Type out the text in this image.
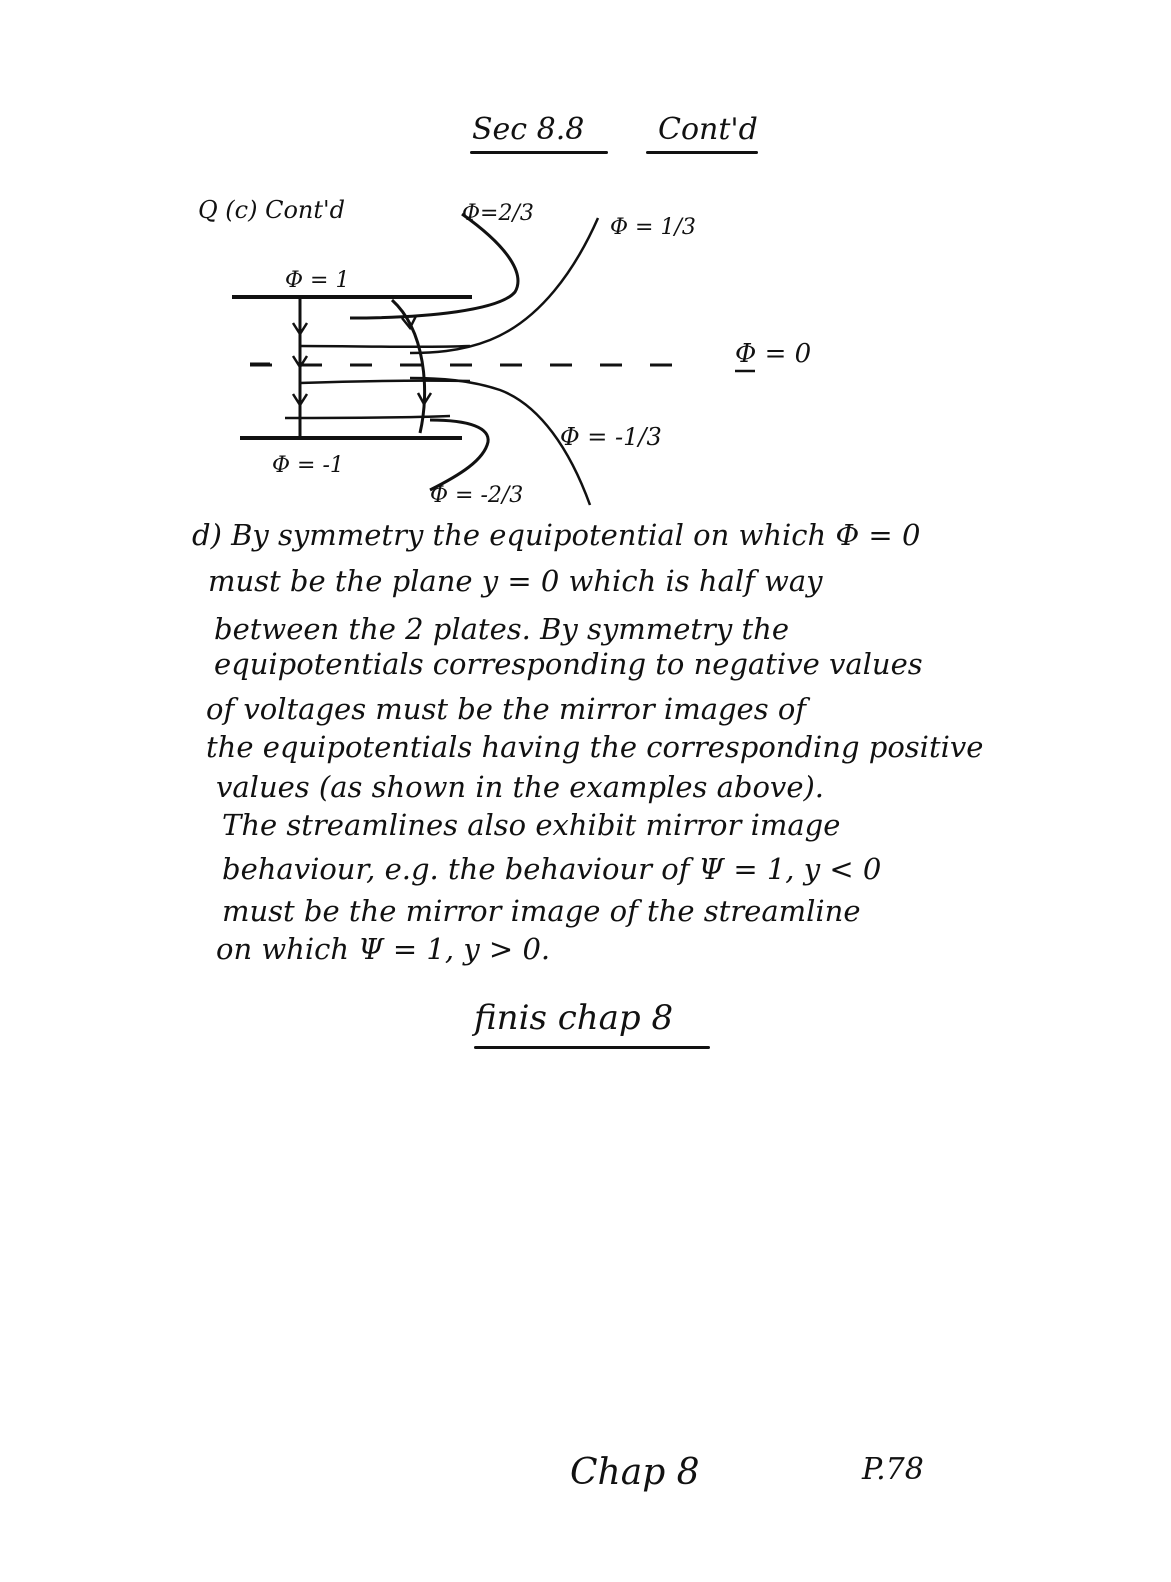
Sec 8.8 Cont'd
Q (c) Cont'd
Φ = 1
Φ = -1
Φ=2/3
Φ = 1/3
Φ = 0
Φ = -1/3
Φ = -2/3
d) By symmetry the equipotential on which Φ = 0
must be the plane y = 0 which is half way
between the 2 plates. By symmetry the
equipotentials corresponding to negative values
of voltages must be the mirror images of
the equipotentials having the corresponding positive
values (as shown in the examples above).
The streamlines also exhibit mirror image
behaviour, e.g. the behaviour of Ψ = 1, y < 0
must be the mirror image of the streamline
on which Ψ = 1, y > 0.
finis chap 8
Chap 8	P.78
